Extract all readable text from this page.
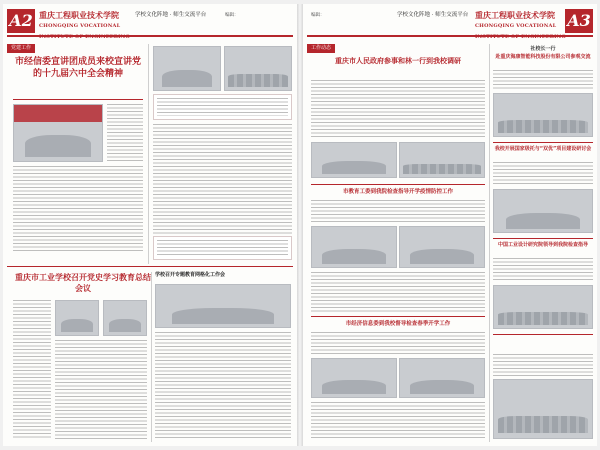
A2 重庆工程职业技术学院
CHONGQING VOCATIONAL INSTITUTE OF ENGINEERING
学校文化阵地 · 师生交流平台	编辑：
党建工作
市经信委宣讲团成员来校宣讲党的十九届六中全会精神
重庆市工业学校召开党史学习教育总结会议
学校召开专题教育网格化工作会
编辑：	学校文化阵地 · 师生交流平台 重庆工程职业技术学院
CHONGQING VOCATIONAL INSTITUTE OF ENGINEERING
A3
工作动态
重庆市人民政府参事和林一行到我校调研
市教育工委到我院检查指导开学疫情防控工作
市经济信息委到我校督导检查春季开学工作
社校长一行
赴重庆海康智能科技股份有限公司参观交流
我校开展国家级托与“双优”项目建设研讨会
中国工业设计研究院领导到我院检查指导
